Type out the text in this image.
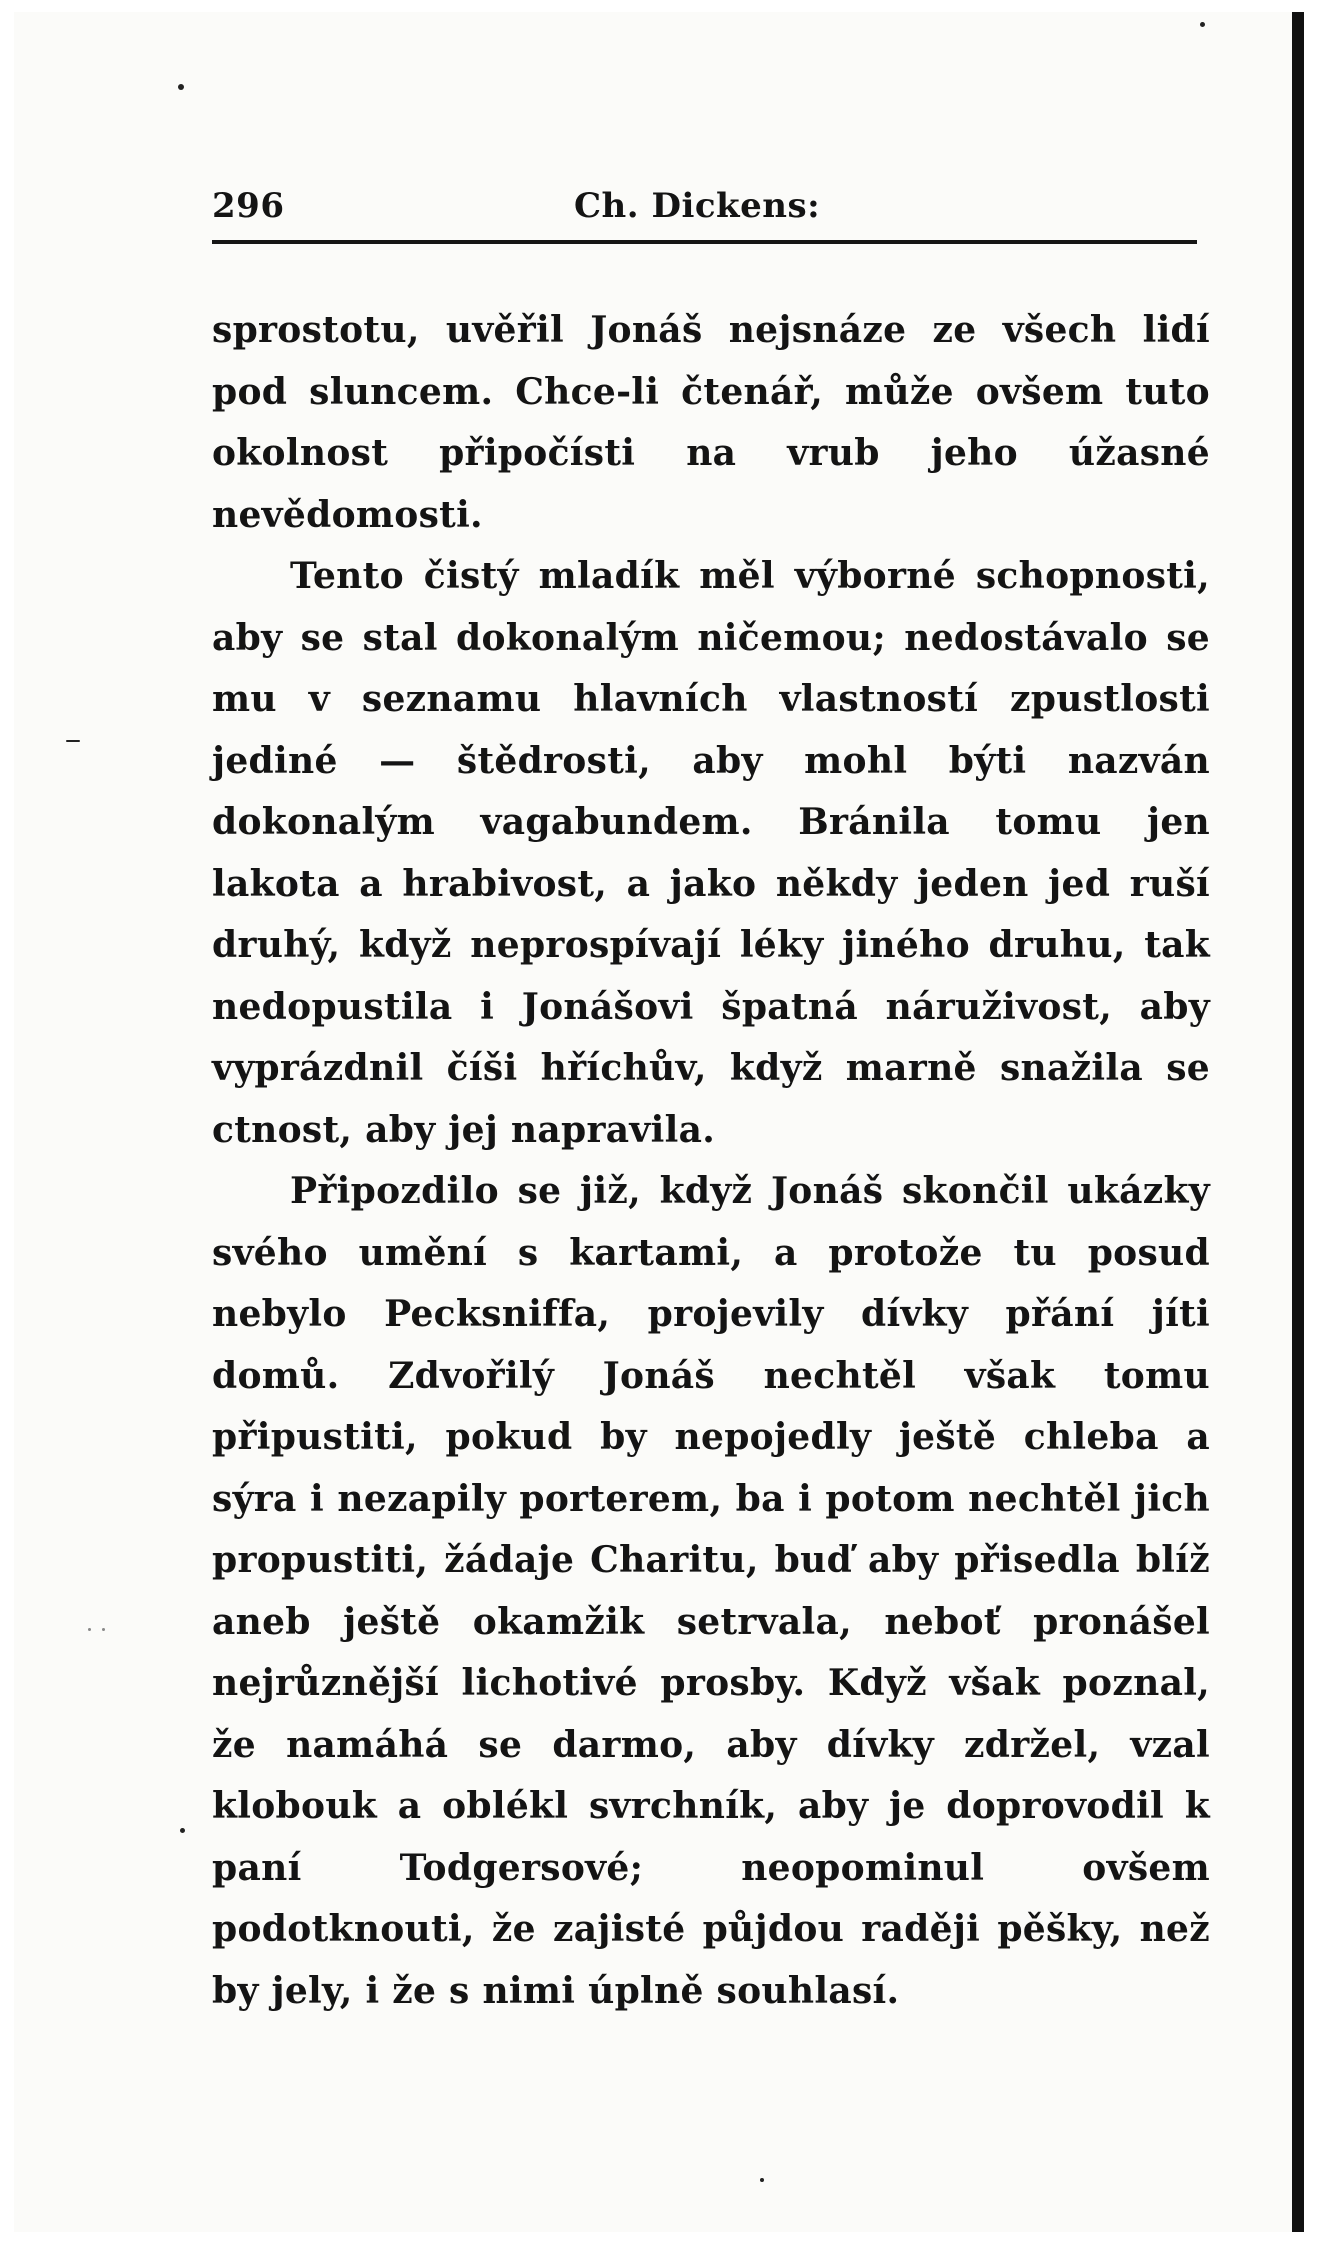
296	Ch. Dickens:

sprostotu, uvěřil Jonáš nejsnáze ze všech lidí pod sluncem. Chce-li čtenář, může ovšem tuto okolnost připočísti na vrub jeho úžasné nevědomosti.

Tento čistý mladík měl výborné schopnosti, aby se stal dokonalým ničemou; nedostávalo se mu v seznamu hlavních vlastností zpustlosti jediné — štědrosti, aby mohl býti nazván dokonalým vagabundem. Bránila tomu jen lakota a hrabivost, a jako někdy jeden jed ruší druhý, když neprospívají léky jiného druhu, tak nedopustila i Jonášovi špatná náruživost, aby vyprázdnil číši hříchův, když marně snažila se ctnost, aby jej napravila.

Připozdilo se již, když Jonáš skončil ukázky svého umění s kartami, a protože tu posud nebylo Pecksniffa, projevily dívky přání jíti domů. Zdvořilý Jonáš nechtěl však tomu připustiti, pokud by nepojedly ještě chleba a sýra i nezapily porterem, ba i potom nechtěl jich propustiti, žádaje Charitu, buď aby přisedla blíž aneb ještě okamžik setrvala, neboť pronášel nejrůznější lichotivé prosby. Když však poznal, že namáhá se darmo, aby dívky zdržel, vzal klobouk a oblékl svrchník, aby je doprovodil k paní Todgersové; neopominul ovšem podotknouti, že zajisté půjdou raději pěšky, než by jely, i že s nimi úplně souhlasí.
